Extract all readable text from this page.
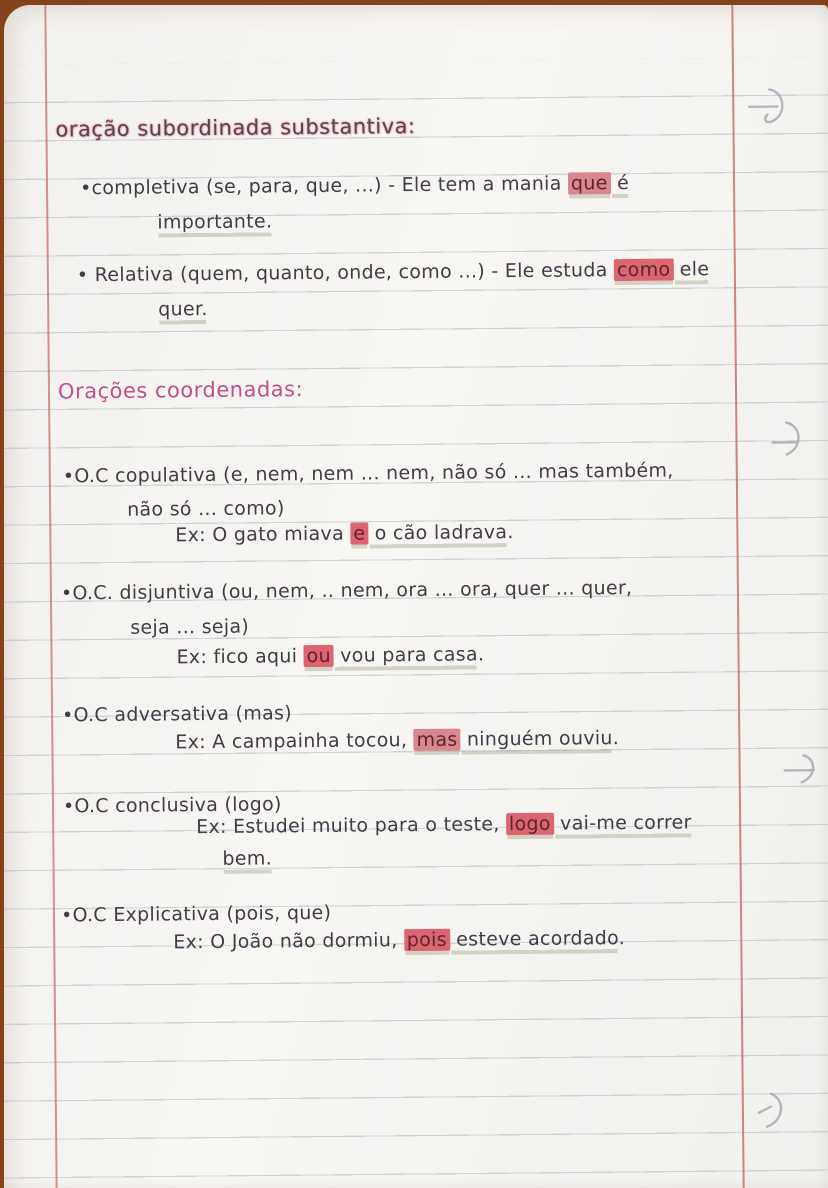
oração subordinada substantiva:
•completiva (se, para, que, ...) - Ele tem a mania que é
importante.
• Relativa (quem, quanto, onde, como ...) - Ele estuda como ele
quer.
Orações coordenadas:
•O.C copulativa (e, nem, nem ... nem, não só ... mas também,
não só ... como)
Ex: O gato miava e o cão ladrava.
•O.C. disjuntiva (ou, nem, .. nem, ora ... ora, quer ... quer,
seja ... seja)
Ex: fico aqui ou vou para casa.
•O.C adversativa (mas)
Ex: A campainha tocou, mas ninguém ouviu.
•O.C conclusiva (logo)
Ex: Estudei muito para o teste, logo vai-me correr
bem.
•O.C Explicativa (pois, que)
Ex: O João não dormiu, pois esteve acordado.
